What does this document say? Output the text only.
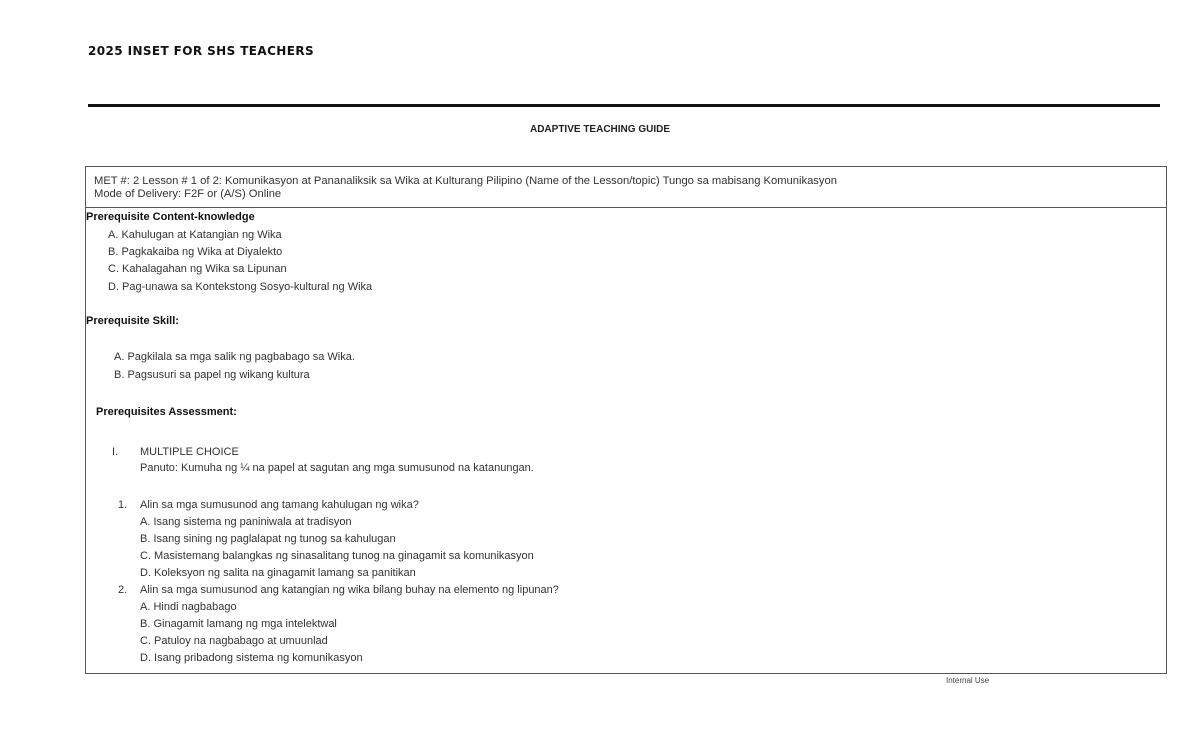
2025 INSET FOR SHS TEACHERS
ADAPTIVE TEACHING GUIDE
MET #: 2 Lesson # 1 of 2: Komunikasyon at Pananaliksik sa Wika at Kulturang Pilipino (Name of the Lesson/topic) Tungo sa mabisang Komunikasyon
Mode of Delivery: F2F or (A/S) Online
Prerequisite Content-knowledge
A. Kahulugan at Katangian ng Wika
B. Pagkakaiba ng Wika at Diyalekto
C. Kahalagahan ng Wika sa Lipunan
D. Pag-unawa sa Kontekstong Sosyo-kultural ng Wika
Prerequisite Skill:
A. Pagkilala sa mga salik ng pagbabago sa Wika.
B. Pagsusuri sa papel ng wikang kultura
Prerequisites Assessment:
I. MULTIPLE CHOICE
Panuto: Kumuha ng ¼ na papel at sagutan ang mga sumusunod na katanungan.
1. Alin sa mga sumusunod ang tamang kahulugan ng wika?
A. Isang sistema ng paniniwala at tradisyon
B. Isang sining ng paglalapat ng tunog sa kahulugan
C. Masistemang balangkas ng sinasalitang tunog na ginagamit sa komunikasyon
D. Koleksyon ng salita na ginagamit lamang sa panitikan
2. Alin sa mga sumusunod ang katangian ng wika bilang buhay na elemento ng lipunan?
A. Hindi nagbabago
B. Ginagamit lamang ng mga intelektwal
C. Patuloy na nagbabago at umuunlad
D. Isang pribadong sistema ng komunikasyon
Internal Use
